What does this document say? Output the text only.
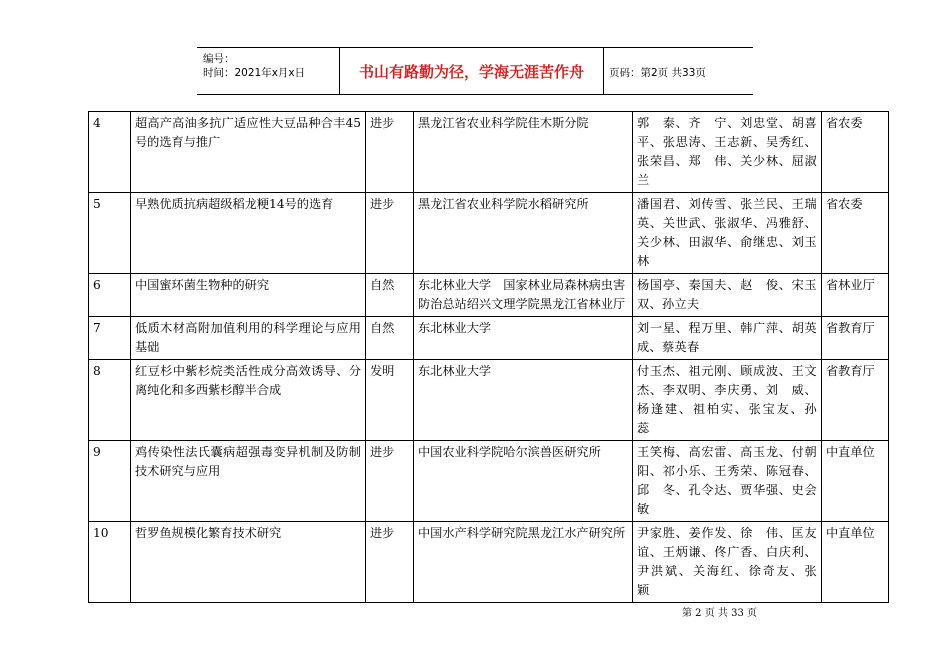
编号：
时间：2021年x月x日	书山有路勤为径，学海无涯苦作舟	页码：第2页 共33页
4	超高产高油多抗广适应性大豆品种合丰45号的选育与推广	进步	黑龙江省农业科学院佳木斯分院	郭　泰、齐　宁、刘忠堂、胡喜平、张思涛、王志新、吴秀红、张荣昌、郑　伟、关少林、屈淑兰	省农委
5	早熟优质抗病超级稻龙粳14号的选育	进步	黑龙江省农业科学院水稻研究所	潘国君、刘传雪、张兰民、王瑞英、关世武、张淑华、冯雅舒、关少林、田淑华、俞继忠、刘玉林	省农委
6	中国蜜环菌生物种的研究	自然	东北林业大学　国家林业局森林病虫害防治总站绍兴文理学院黑龙江省林业厅	杨国亭、秦国夫、赵　俊、宋玉双、孙立夫	省林业厅
7	低质木材高附加值利用的科学理论与应用基础	自然	东北林业大学	刘一星、程万里、韩广萍、胡英成、蔡英春	省教育厅
8	红豆杉中紫杉烷类活性成分高效诱导、分离纯化和多西紫杉醇半合成	发明	东北林业大学	付玉杰、祖元刚、顾成波、王文杰、李双明、李庆勇、刘　威、杨逢建、祖柏实、张宝友、孙　蕊	省教育厅
9	鸡传染性法氏囊病超强毒变异机制及防制技术研究与应用	进步	中国农业科学院哈尔滨兽医研究所	王笑梅、高宏雷、高玉龙、付朝阳、祁小乐、王秀荣、陈冠春、邱　冬、孔令达、贾华强、史会敏	中直单位
10	哲罗鱼规模化繁育技术研究	进步	中国水产科学研究院黑龙江水产研究所	尹家胜、姜作发、徐　伟、匡友谊、王炳谦、佟广香、白庆利、尹洪斌、关海红、徐奇友、张　颖	中直单位
第 2 页 共 33 页
